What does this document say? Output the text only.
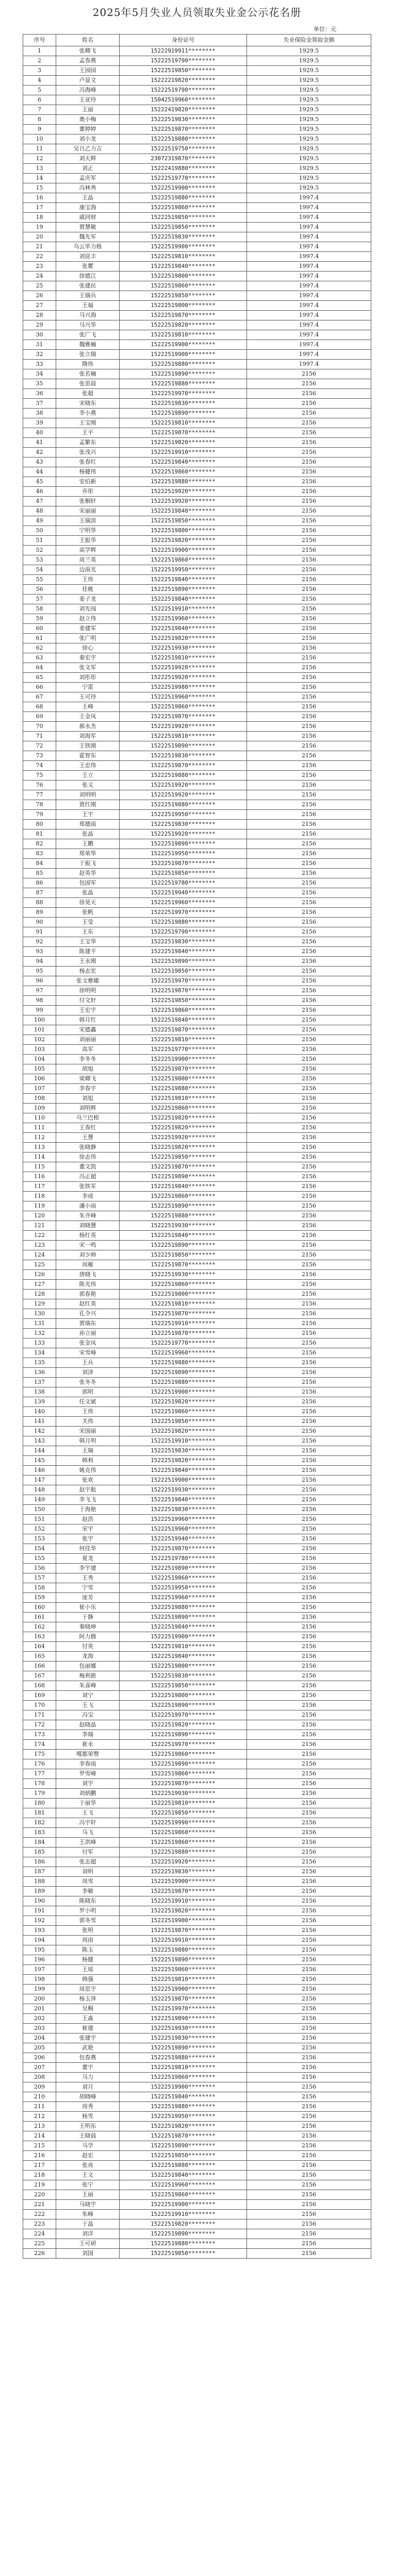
2025年5月失业人员领取失业金公示花名册
单位：元
序号	姓名	身份证号	失业保险金领取金额
1	张卿飞	15222919911********	1929.5
2	孟春燕	15222519790********	1929.5
3	王园园	15222519850********	1929.5
4	卢显文	15222219820********	1929.5
5	冯海峰	15222519790********	1929.5
6	王亚玲	15042519960********	1929.5
7	王丽	15222419820********	1929.5
8	奥小梅	15222519830********	1929.5
9	董婷婷	15222519870********	1929.5
10	刘小龙	15222519880********	1929.5
11	吴日乙力吉	15222519750********	1929.5
12	刘天辉	23072319870********	1929.5
13	刘正	15222419880********	1929.5
14	孟庆军	15222519770********	1929.5
15	冯林秀	15222519900********	1929.5
16	王晶	15222519880********	1997.4
17	康宝海	15222519860********	1997.4
18	戚同财	15222519850********	1997.4
19	贾慧敏	15222519850********	1997.4
20	魏先军	15222519830********	1997.4
21	乌云毕力格	15222519900********	1997.4
22	刘昆丰	15222519810********	1997.4
23	张瞿	15222519840********	1997.4
24	徐德江	15222519800********	1997.4
25	张建民	15222519860********	1997.4
26	王瑞兵	15222519850********	1997.4
27	王福	15222519800********	1997.4
28	马兴海	15222519870********	1997.4
29	马兴华	15222519820********	1997.4
30	张广飞	15222519810********	1997.4
31	魏雅楠	15222519900********	1997.4
32	张立瑞	15222519900********	1997.4
33	隋伟	15222519880********	1997.4
34	张若楠	15222519890********	2156
35	张思晨	15222519880********	2156
36	张超	15222519970********	2156
37	宋晓东	15222519830********	2156
38	李小燕	15222519890********	2156
39	王宝刚	15222519810********	2156
40	王平	15222519870********	2156
41	孟繁东	15222519820********	2156
42	张茂兴	15222519910********	2156
43	张春红	15222519840********	2156
44	杨健伟	15222519860********	2156
45	安伯新	15222519880********	2156
46	乔彤	15222519920********	2156
47	张桐轩	15222519920********	2156
48	宋丽丽	15222519840********	2156
49	王瑞滨	15222519850********	2156
50	宁明华	15222519800********	2156
51	王振华	15222519820********	2156
52	高学辉	15222519900********	2156
53	周兰英	15222519860********	2156
54	边雨光	15222519950********	2156
55	王伟	15222519840********	2156
56	佳桃	15222519890********	2156
57	姜子龙	15222519840********	2156
58	刘先闯	15222519910********	2156
59	赵立伟	15222519960********	2156
60	姜建军	15222519840********	2156
61	张广明	15222519820********	2156
62	徐心	15222519930********	2156
63	秦宏宇	15222519810********	2156
64	张文军	15222519920********	2156
65	刘彤彤	15222519920********	2156
66	宁雷	15222519980********	2156
67	王可玲	15222519960********	2156
68	王峰	15222519860********	2156
69	王金凤	15222519870********	2156
70	郝永杰	15222519920********	2156
71	刘海军	15222519810********	2156
72	王铁刚	15222519890********	2156
73	霍智东	15222519830********	2156
74	王忠伟	15222519870********	2156
75	王立	15222519880********	2156
76	张义	15222519920********	2156
77	刘明明	15222519920********	2156
78	贾红刚	15222519880********	2156
79	王宇	15222519950********	2156
80	郑德雨	15222519830********	2156
81	张晶	15222519920********	2156
82	王鹏	15222519890********	2156
83	郑荣华	15222519950********	2156
84	于振飞	15222519870********	2156
85	赵英华	15222519850********	2156
86	包国军	15222519780********	2156
87	张晶	15222519940********	2156
88	徐昊天	15222519960********	2156
89	张帆	15222519970********	2156
90	王莹	15222519880********	2156
91	王东	15222519790********	2156
92	王宝华	15222519830********	2156
93	陈建平	15222519840********	2156
94	王永刚	15222519890********	2156
95	杨志宏	15222519850********	2156
96	张文雅娜	15222519970********	2156
97	徐明明	15222519870********	2156
98	付文轩	15222519850********	2156
99	王宏宇	15222519860********	2156
100	韩月红	15222519840********	2156
101	宋德鑫	15222519870********	2156
102	刘丽丽	15222519810********	2156
103	高军	15222519770********	2156
104	李冬冬	15222519900********	2156
105	胡旭	15222519870********	2156
106	梁卿飞	15222519800********	2156
107	李春宇	15222519880********	2156
108	刘旭	15222519810********	2156
109	刘明辉	15222519860********	2156
110	乌兰巴根	15222519820********	2156
111	王春红	15222519820********	2156
112	王慧	15222519920********	2156
113	张晓静	15222519820********	2156
114	徐志伟	15222519850********	2156
115	董文凯	15222519870********	2156
116	冯正超	15222519890********	2156
117	张铁军	15222519840********	2156
118	李成	15222519860********	2156
119	潘小雨	15222519890********	2156
120	朱齐峰	15222519880********	2156
121	刘晓慧	15222519930********	2156
122	杨红英	15222519840********	2156
123	宋一鸣	15222519890********	2156
124	刘少帅	15222519850********	2156
125	周雁	15222519870********	2156
126	唐晓飞	15222519930********	2156
127	陈光伟	15222519860********	2156
128	郭春艳	15222519800********	2156
129	赵红英	15222519810********	2156
130	孔令兴	15222519870********	2156
131	贾瑞东	15222519910********	2156
132	孙立丽	15222519870********	2156
133	张金凤	15222519770********	2156
134	宋雪峰	15222519960********	2156
135	王兵	15222519880********	2156
136	刘泽	15222519890********	2156
137	张冬冬	15222519880********	2156
138	郭明	15222519900********	2156
139	任文斌	15222519820********	2156
140	王伟	15222519860********	2156
141	关伟	15222519850********	2156
142	宋国丽	15222519820********	2156
143	韩月明	15222519910********	2156
144	王瑞	15222519830********	2156
145	韩利	15222519820********	2156
146	姚克伟	15222519840********	2156
147	张欢	15222519900********	2156
148	赵宇航	15222519930********	2156
149	李飞飞	15222519840********	2156
150	于海艳	15222519830********	2156
151	赵浩	15222519960********	2156
152	宋宇	15222519960********	2156
153	张宇	15222519940********	2156
154	何佳华	15222519870********	2156
155	夏龙	15222519780********	2156
156	李宇建	15222519890********	2156
157	王秀	15222519860********	2156
158	宁雪	15222519950********	2156
159	庞芳	15222519960********	2156
160	崔小乐	15222519880********	2156
161	于静	15222519890********	2156
162	秦晓坤	15222519840********	2156
163	阿力腾	15222519900********	2156
164	付英	15222519810********	2156
165	龙海	15222519840********	2156
166	包丽娜	15222519800********	2156
167	梅利艳	15222519830********	2156
168	朱喜峰	15222519850********	2156
169	刘宁	15222519800********	2156
170	王飞	15222519890********	2156
171	冯宝	15222519970********	2156
172	赵晓晶	15222519820********	2156
173	李瑞	15222519890********	2156
174	崔永	15222519970********	2156
175	嘎都荣赞	15222519860********	2156
176	李春雨	15222519890********	2156
177	罗雪峰	15222519860********	2156
178	刘宇	15222519870********	2156
179	刘炳鹏	15222519930********	2156
180	于丽华	15222519810********	2156
181	王飞	15222519850********	2156
182	冯宇轩	15222519990********	2156
183	马飞	15222519860********	2156
184	王洪峰	15222519860********	2156
185	付军	15222519880********	2156
186	张志超	15222519920********	2156
187	刘明	15222519830********	2156
188	周雪	15222519900********	2156
189	李敏	15222519870********	2156
190	陈晓东	15222519910********	2156
191	罗小明	15222519820********	2156
192	郭冬雪	15222519900********	2156
193	张明	15222519870********	2156
194	周雨	15222519910********	2156
195	陈玉	15222519880********	2156
196	杨健	15222519890********	2156
197	王瑶	15222519860********	2156
198	韩强	15222519810********	2156
199	周思宇	15222519900********	2156
200	杨玉萍	15222519870********	2156
201	吴桐	15222519970********	2156
202	王淼	15222519890********	2156
203	崔建	15222519930********	2156
204	张建宇	15222519830********	2156
205	武艳	15222519890********	2156
206	包春燕	15222519880********	2156
207	董宇	15222519810********	2156
208	马力	15222519860********	2156
209	刘月	15222519900********	2156
210	胡晓峰	15222519840********	2156
211	周秀	15222519880********	2156
212	杨雪	15222519950********	2156
213	王明东	15222519820********	2156
214	王晓晨	15222519870********	2156
215	马学	15222519890********	2156
216	赵宏	15222519850********	2156
217	张亮	15222519880********	2156
218	王文	15222519840********	2156
219	张宁	15222519960********	2156
220	王丽	15222519860********	2156
221	马晓宇	15222519900********	2156
222	朱峰	15222519910********	2156
223	于晶	15222519820********	2156
224	刘洋	15222519890********	2156
225	王可研	15222519880********	2156
226	刘国	15222519850********	2156
